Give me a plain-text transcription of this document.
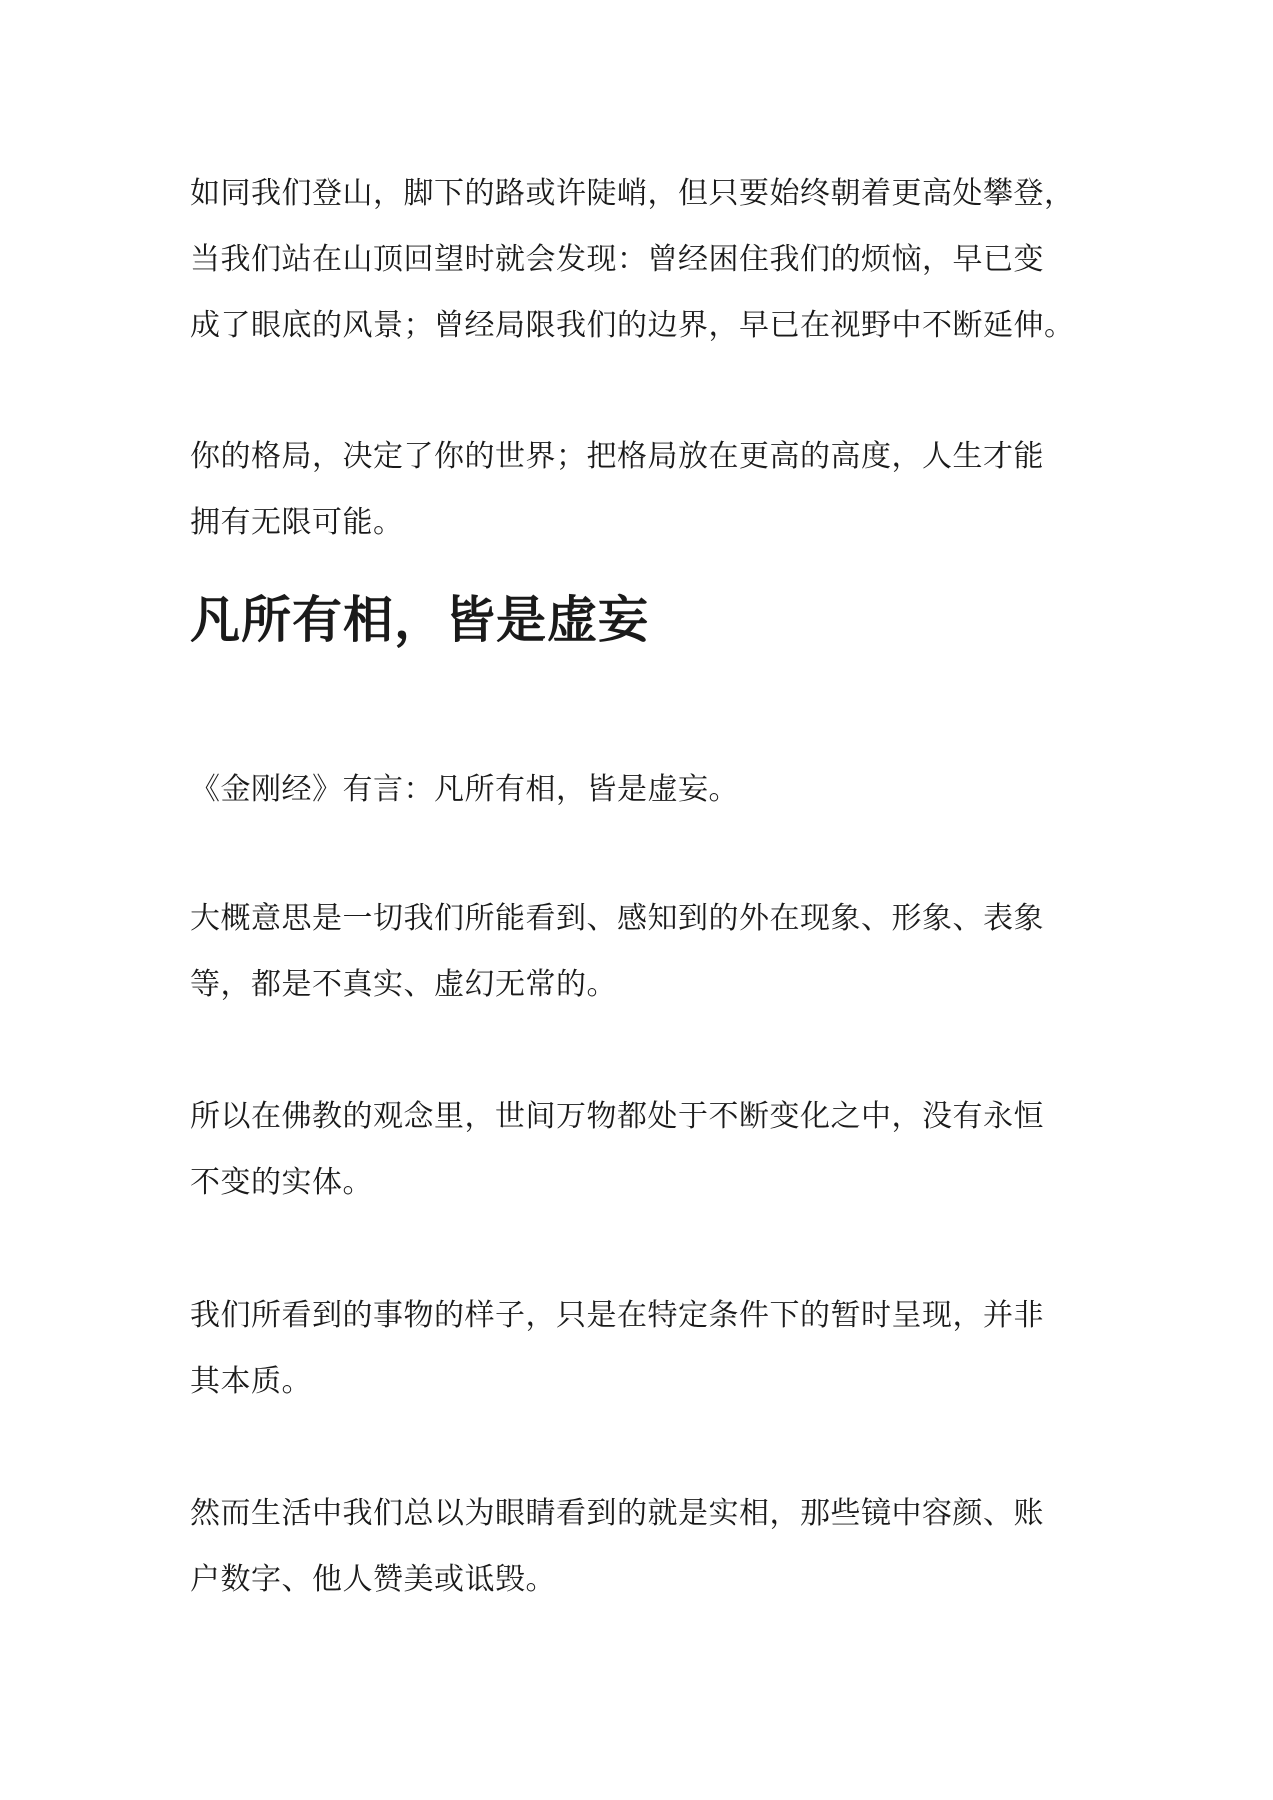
如同我们登山，脚下的路或许陡峭，但只要始终朝着更高处攀登，
当我们站在山顶回望时就会发现：曾经困住我们的烦恼，早已变
成了眼底的风景；曾经局限我们的边界，早已在视野中不断延伸。

你的格局，决定了你的世界；把格局放在更高的高度，人生才能
拥有无限可能。

凡所有相，皆是虚妄

《金刚经》有言：凡所有相，皆是虚妄。

大概意思是一切我们所能看到、感知到的外在现象、形象、表象
等，都是不真实、虚幻无常的。

所以在佛教的观念里，世间万物都处于不断变化之中，没有永恒
不变的实体。

我们所看到的事物的样子，只是在特定条件下的暂时呈现，并非
其本质。

然而生活中我们总以为眼睛看到的就是实相，那些镜中容颜、账
户数字、他人赞美或诋毁。
